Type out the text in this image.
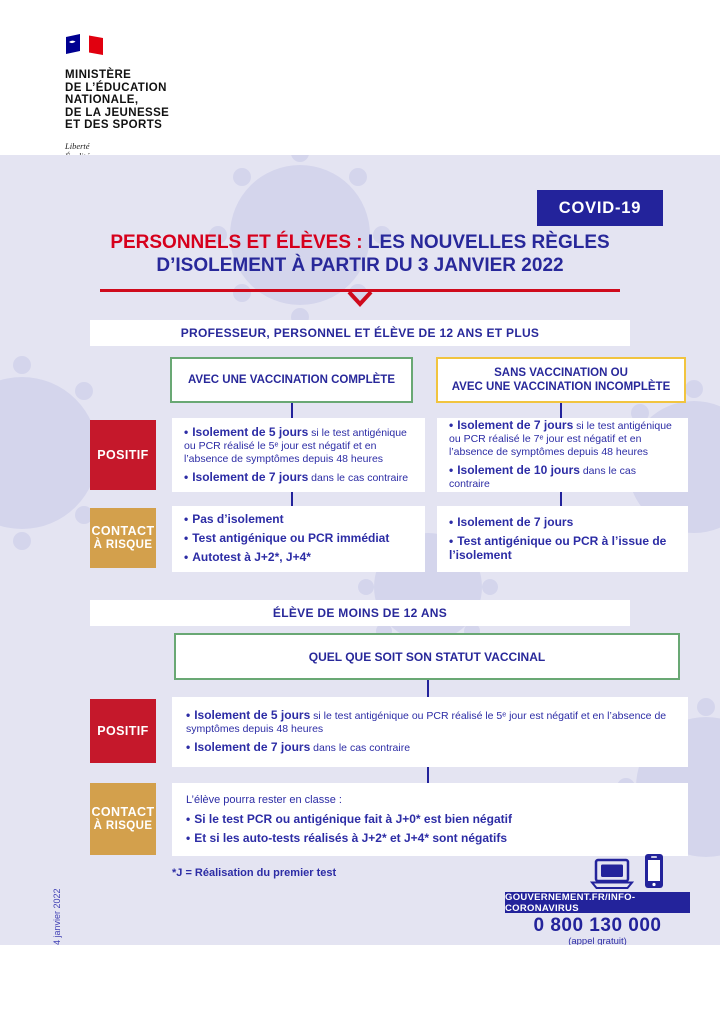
MINISTÈRE
DE L’ÉDUCATION
NATIONALE,
DE LA JEUNESSE
ET DES SPORTS
Liberté
COVID-19
PERSONNELS ET ÉLÈVES : LES NOUVELLES RÈGLES
D’ISOLEMENT À PARTIR DU 3 JANVIER 2022
PROFESSEUR, PERSONNEL ET ÉLÈVE DE 12 ANS ET PLUS
AVEC UNE VACCINATION COMPLÈTE
SANS VACCINATION OU
AVEC UNE VACCINATION INCOMPLÈTE
POSITIF
• Isolement de 5 jours si le test antigénique ou PCR réalisé le 5ᵉ jour est négatif et en l’absence de symptômes depuis 48 heures
• Isolement de 7 jours dans le cas contraire
• Isolement de 7 jours si le test antigénique ou PCR réalisé le 7ᵉ jour est négatif et en l’absence de symptômes depuis 48 heures
• Isolement de 10 jours dans le cas contraire
CONTACT
À RISQUE
• Pas d’isolement
• Test antigénique ou PCR immédiat
• Autotest à J+2*, J+4*
• Isolement de 7 jours
• Test antigénique ou PCR à l’issue de l’isolement
ÉLÈVE DE MOINS DE 12 ANS
QUEL QUE SOIT SON STATUT VACCINAL
POSITIF
• Isolement de 5 jours si le test antigénique ou PCR réalisé le 5ᵉ jour est négatif et en l’absence de symptômes depuis 48 heures
• Isolement de 7 jours dans le cas contraire
CONTACT
À RISQUE
L’élève pourra rester en classe :
• Si le test PCR ou antigénique fait à J+0* est bien négatif
• Et si les auto-tests réalisés à J+2* et J+4* sont négatifs
*J = Réalisation du premier test
GOUVERNEMENT.FR/INFO-CORONAVIRUS
0 800 130 000
(appel gratuit)
4 janvier 2022
